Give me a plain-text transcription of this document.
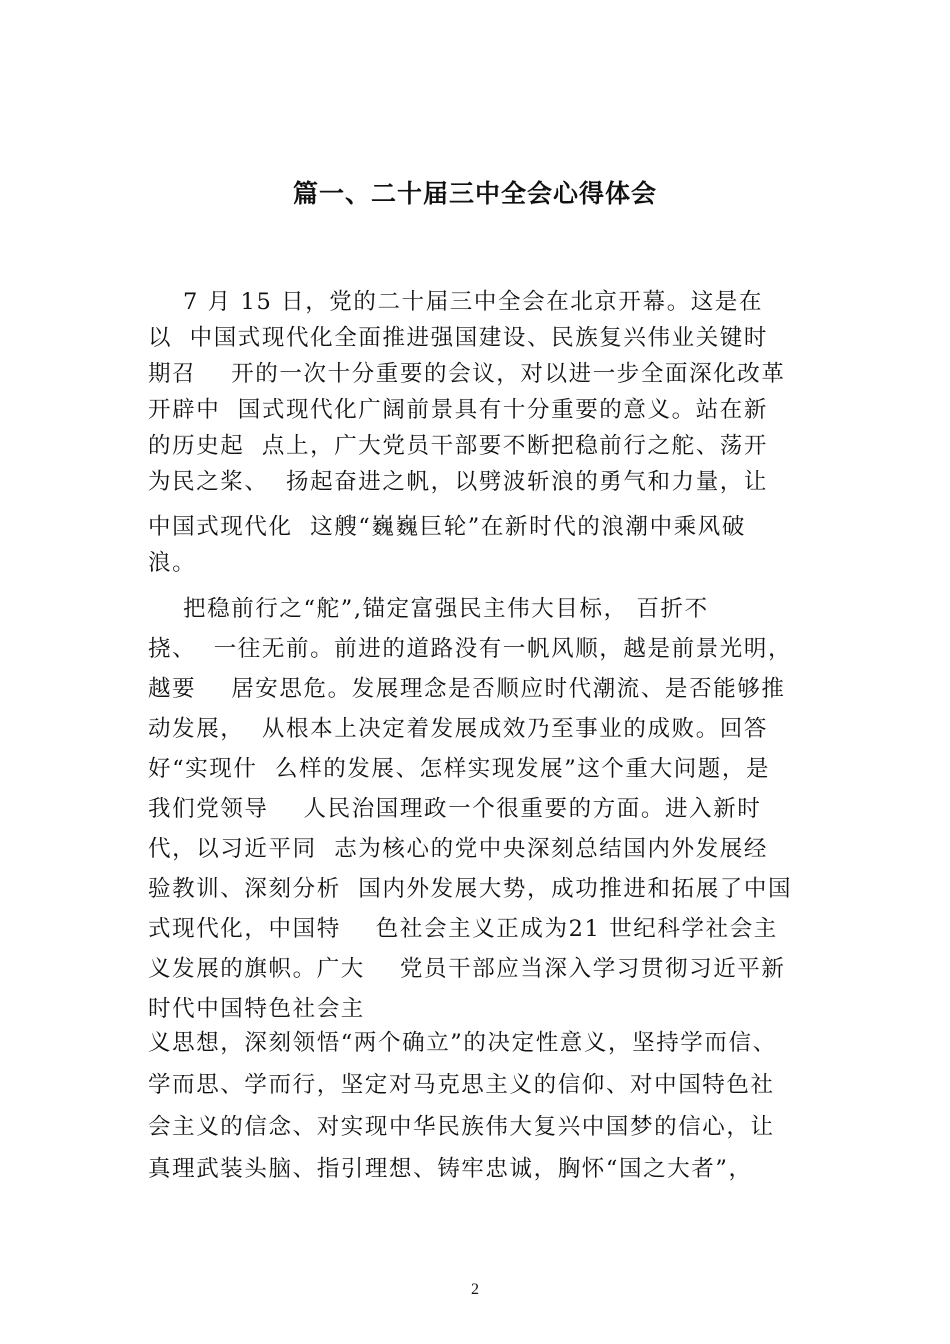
篇一、二十届三中全会心得体会
7 月 15 日，党的二十届三中全会在北京开幕。这是在
以  中国式现代化全面推进强国建设、民族复兴伟业关键时
期召    开的一次十分重要的会议，对以进一步全面深化改革
开辟中  国式现代化广阔前景具有十分重要的意义。站在新
的历史起  点上，广大党员干部要不断把稳前行之舵、荡开
为民之桨、  扬起奋进之帆，以劈波斩浪的勇气和力量，让
中国式现代化  这艘“巍巍巨轮”在新时代的浪潮中乘风破
浪。
把稳前行之“舵”,锚定富强民主伟大目标， 百折不
挠、  一往无前。前进的道路没有一帆风顺，越是前景光明，
越要    居安思危。发展理念是否顺应时代潮流、是否能够推
动发展，  从根本上决定着发展成效乃至事业的成败。回答
好“实现什  么样的发展、怎样实现发展”这个重大问题，是
我们党领导    人民治国理政一个很重要的方面。进入新时
代，以习近平同  志为核心的党中央深刻总结国内外发展经
验教训、深刻分析  国内外发展大势，成功推进和拓展了中国
式现代化，中国特    色社会主义正成为21 世纪科学社会主
义发展的旗帜。广大    党员干部应当深入学习贯彻习近平新
时代中国特色社会主
义思想，深刻领悟“两个确立”的决定性意义，坚持学而信、
学而思、学而行，坚定对马克思主义的信仰、对中国特色社
会主义的信念、对实现中华民族伟大复兴中国梦的信心，让
真理武装头脑、指引理想、铸牢忠诚，胸怀“国之大者”，
2
